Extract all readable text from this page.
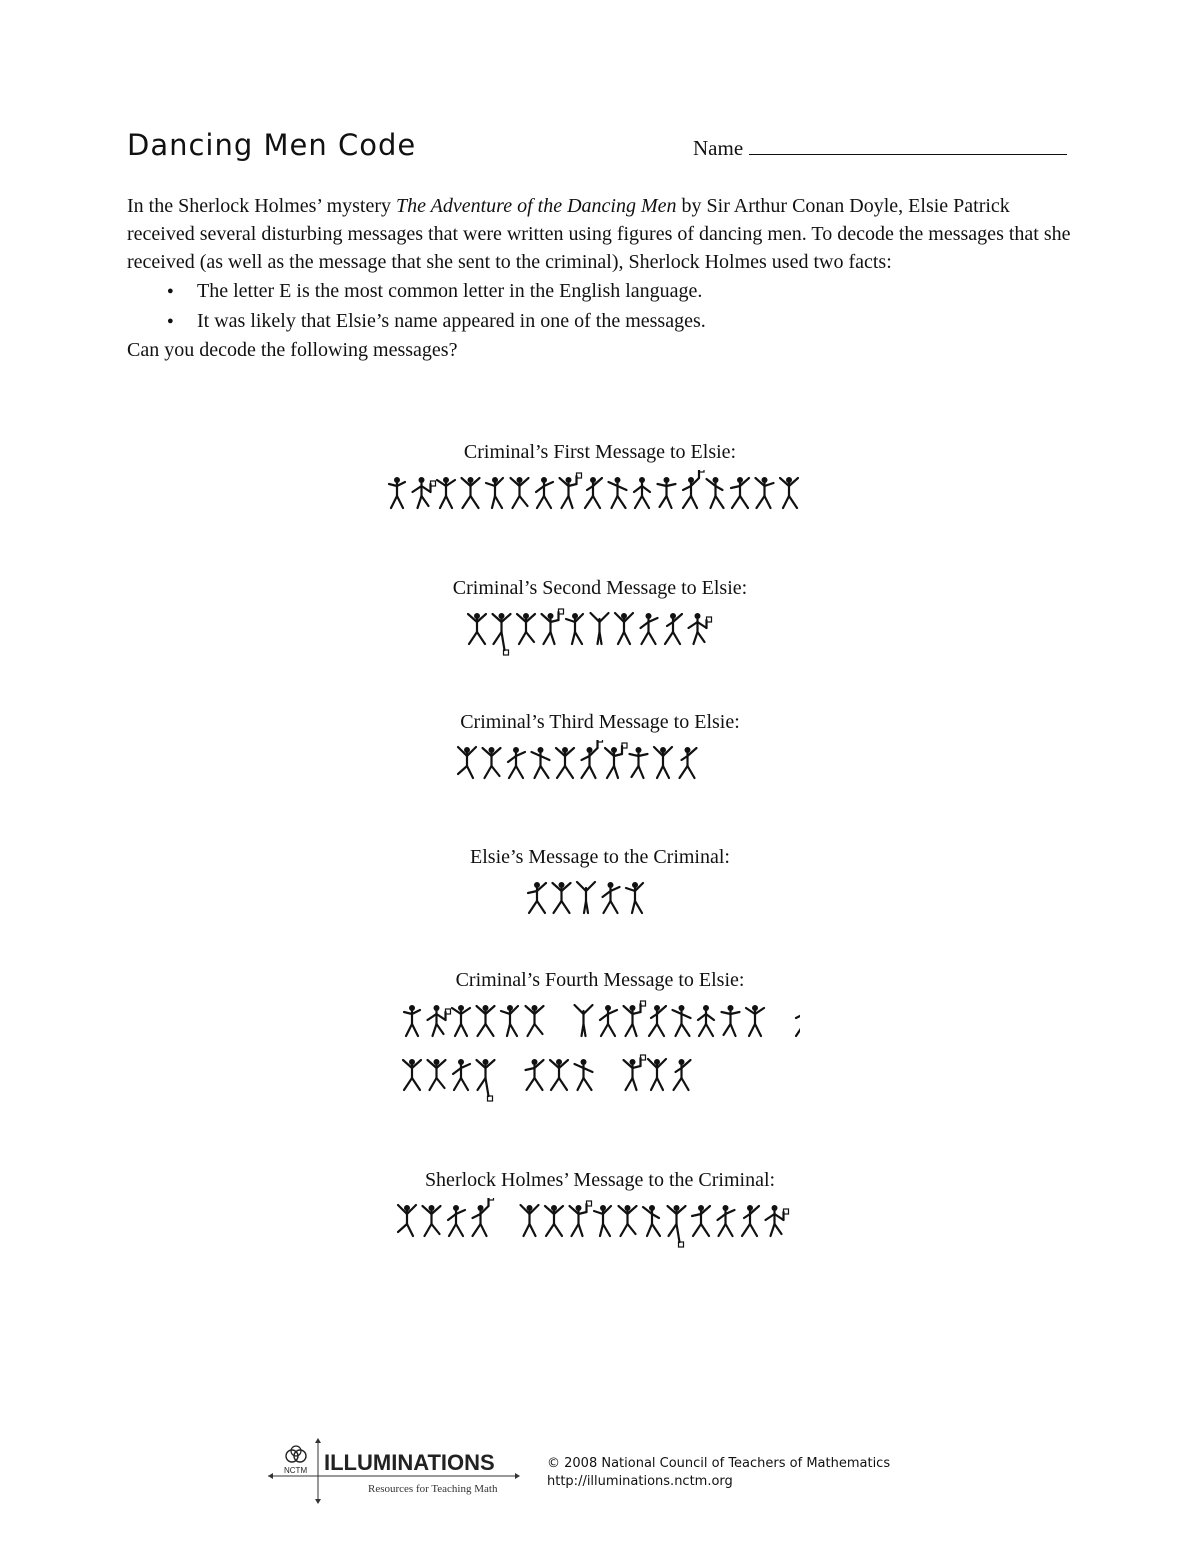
Dancing Men Code	Name

In the Sherlock Holmes’ mystery The Adventure of the Dancing Men by Sir Arthur Conan Doyle, Elsie Patrick received several disturbing messages that were written using figures of dancing men. To decode the messages that she received (as well as the message that she sent to the criminal), Sherlock Holmes used two facts:

● The letter E is the most common letter in the English language.
● It was likely that Elsie’s name appeared in one of the messages.

Can you decode the following messages?

Criminal’s First Message to Elsie:

Criminal’s Second Message to Elsie:

Criminal’s Third Message to Elsie:

Elsie’s Message to the Criminal:

Criminal’s Fourth Message to Elsie:

Sherlock Holmes’ Message to the Criminal:

NCTM ILLUMINATIONS
Resources for Teaching Math
© 2008 National Council of Teachers of Mathematics
http://illuminations.nctm.org
